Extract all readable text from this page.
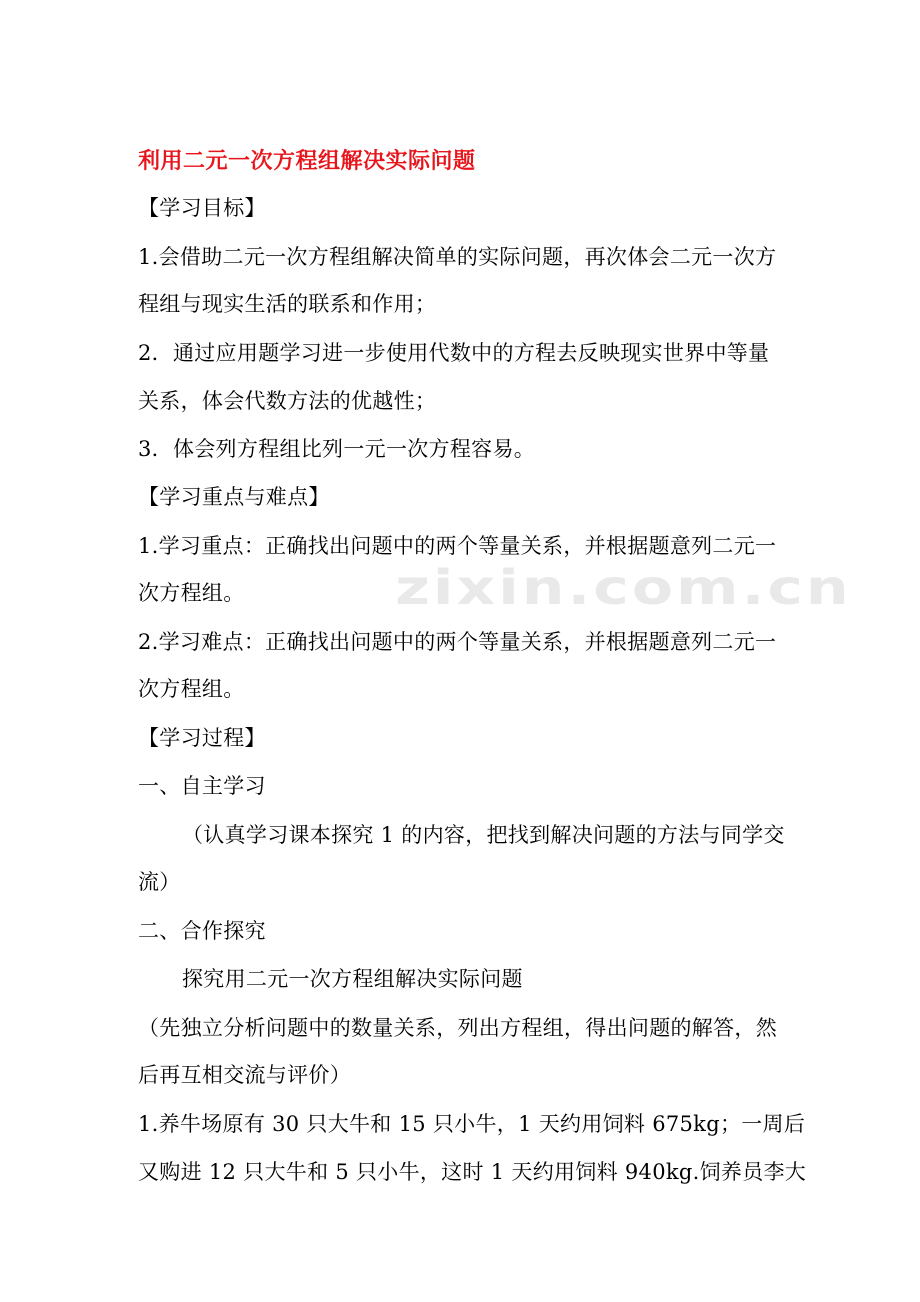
zixin.com.cn
利用二元一次方程组解决实际问题
【学习目标】
1.会借助二元一次方程组解决简单的实际问题，再次体会二元一次方
程组与现实生活的联系和作用；
2．通过应用题学习进一步使用代数中的方程去反映现实世界中等量
关系，体会代数方法的优越性；
3．体会列方程组比列一元一次方程容易。
【学习重点与难点】
1.学习重点：正确找出问题中的两个等量关系，并根据题意列二元一
次方程组。
2.学习难点：正确找出问题中的两个等量关系，并根据题意列二元一
次方程组。
【学习过程】
一、自主学习
（认真学习课本探究 1 的内容，把找到解决问题的方法与同学交
流）
二、合作探究
探究用二元一次方程组解决实际问题
（先独立分析问题中的数量关系，列出方程组，得出问题的解答，然
后再互相交流与评价）
1.养牛场原有 30 只大牛和 15 只小牛，1 天约用饲料 675kg；一周后
又购进 12 只大牛和 5 只小牛，这时 1 天约用饲料 940kg.饲养员李大
